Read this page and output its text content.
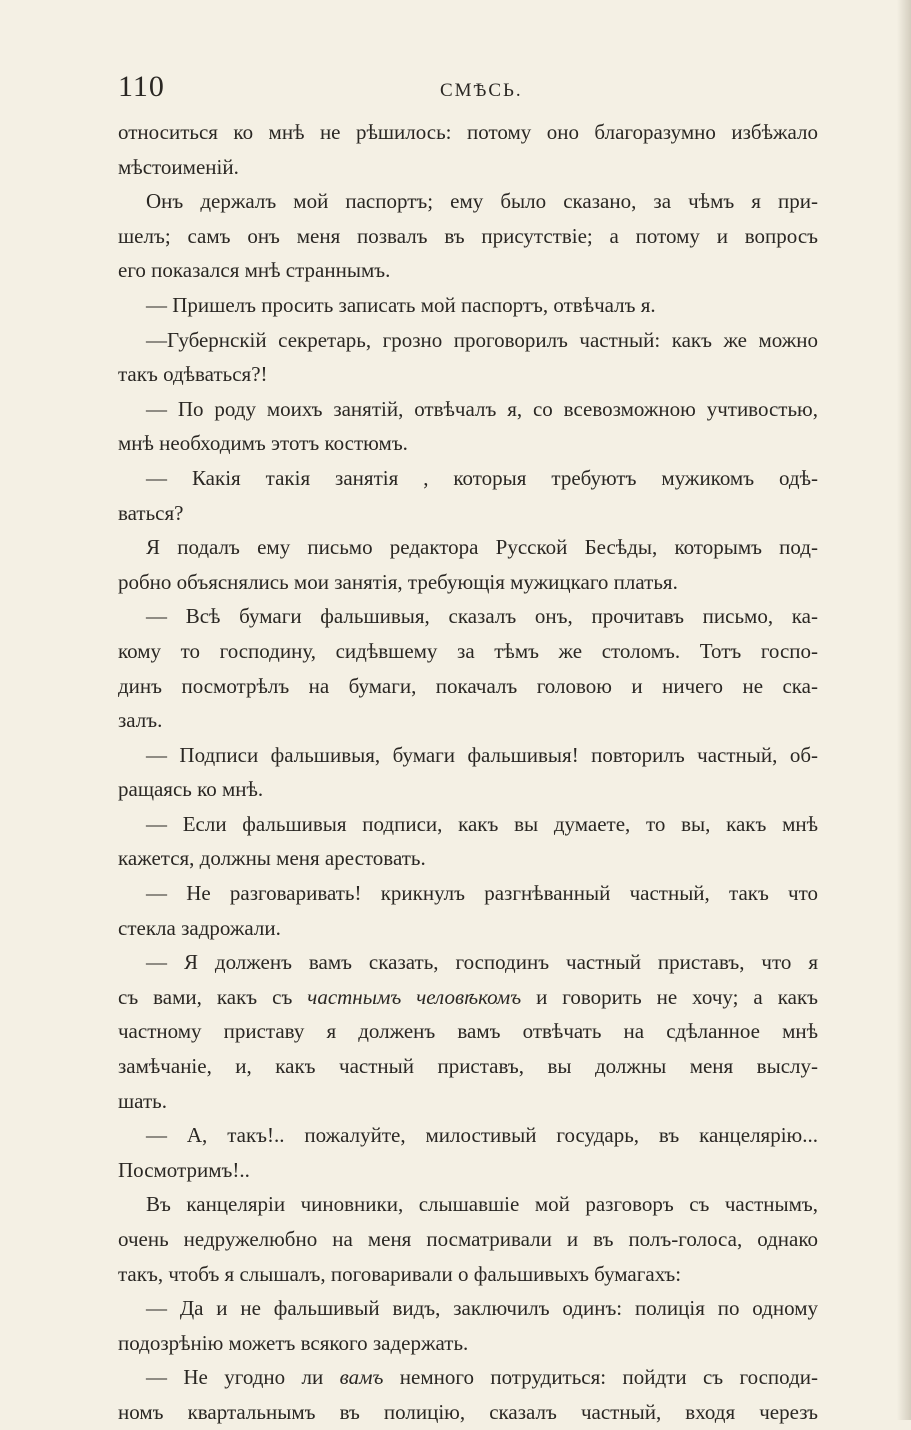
110	СМѢСЬ.
относиться ко мнѣ не рѣшилось: потому оно благоразумно избѣжало
мѣстоименій.
Онъ держалъ мой паспортъ; ему было сказано, за чѣмъ я при-
шелъ; самъ онъ меня позвалъ въ присутствіе; а потому и вопросъ
его показался мнѣ страннымъ.
— Пришелъ просить записать мой паспортъ, отвѣчалъ я.
—Губернскій секретарь, грозно проговорилъ частный: какъ же можно
такъ одѣваться?!
— По роду моихъ занятій, отвѣчалъ я, со всевозможною учтивостью,
мнѣ необходимъ этотъ костюмъ.
— Какія такія занятія , которыя требуютъ мужикомъ одѣ-
ваться?
Я подалъ ему письмо редактора Русской Бесѣды, которымъ под-
робно объяснялись мои занятія, требующія мужицкаго платья.
— Всѣ бумаги фальшивыя, сказалъ онъ, прочитавъ письмо, ка-
кому то господину, сидѣвшему за тѣмъ же столомъ. Тотъ госпо-
динъ посмотрѣлъ на бумаги, покачалъ головою и ничего не ска-
залъ.
— Подписи фальшивыя, бумаги фальшивыя! повторилъ частный, об-
ращаясь ко мнѣ.
— Если фальшивыя подписи, какъ вы думаете, то вы, какъ мнѣ
кажется, должны меня арестовать.
— Не разговаривать! крикнулъ разгнѣванный частный, такъ что
стекла задрожали.
— Я долженъ вамъ сказать, господинъ частный приставъ, что я
съ вами, какъ съ частнымъ человѣкомъ и говорить не хочу; а какъ
частному приставу я долженъ вамъ отвѣчать на сдѣланное мнѣ
замѣчаніе, и, какъ частный приставъ, вы должны меня выслу-
шать.
— А, такъ!.. пожалуйте, милостивый государь, въ канцелярію...
Посмотримъ!..
Въ канцеляріи чиновники, слышавшіе мой разговоръ съ частнымъ,
очень недружелюбно на меня посматривали и въ полъ-голоса, однако
такъ, чтобъ я слышалъ, поговаривали о фальшивыхъ бумагахъ:
— Да и не фальшивый видъ, заключилъ одинъ: полиція по одному
подозрѣнію можетъ всякого задержать.
— Не угодно ли вамъ немного потрудиться: пойдти съ господи-
номъ квартальнымъ въ полицію, сказалъ частный, входя черезъ
